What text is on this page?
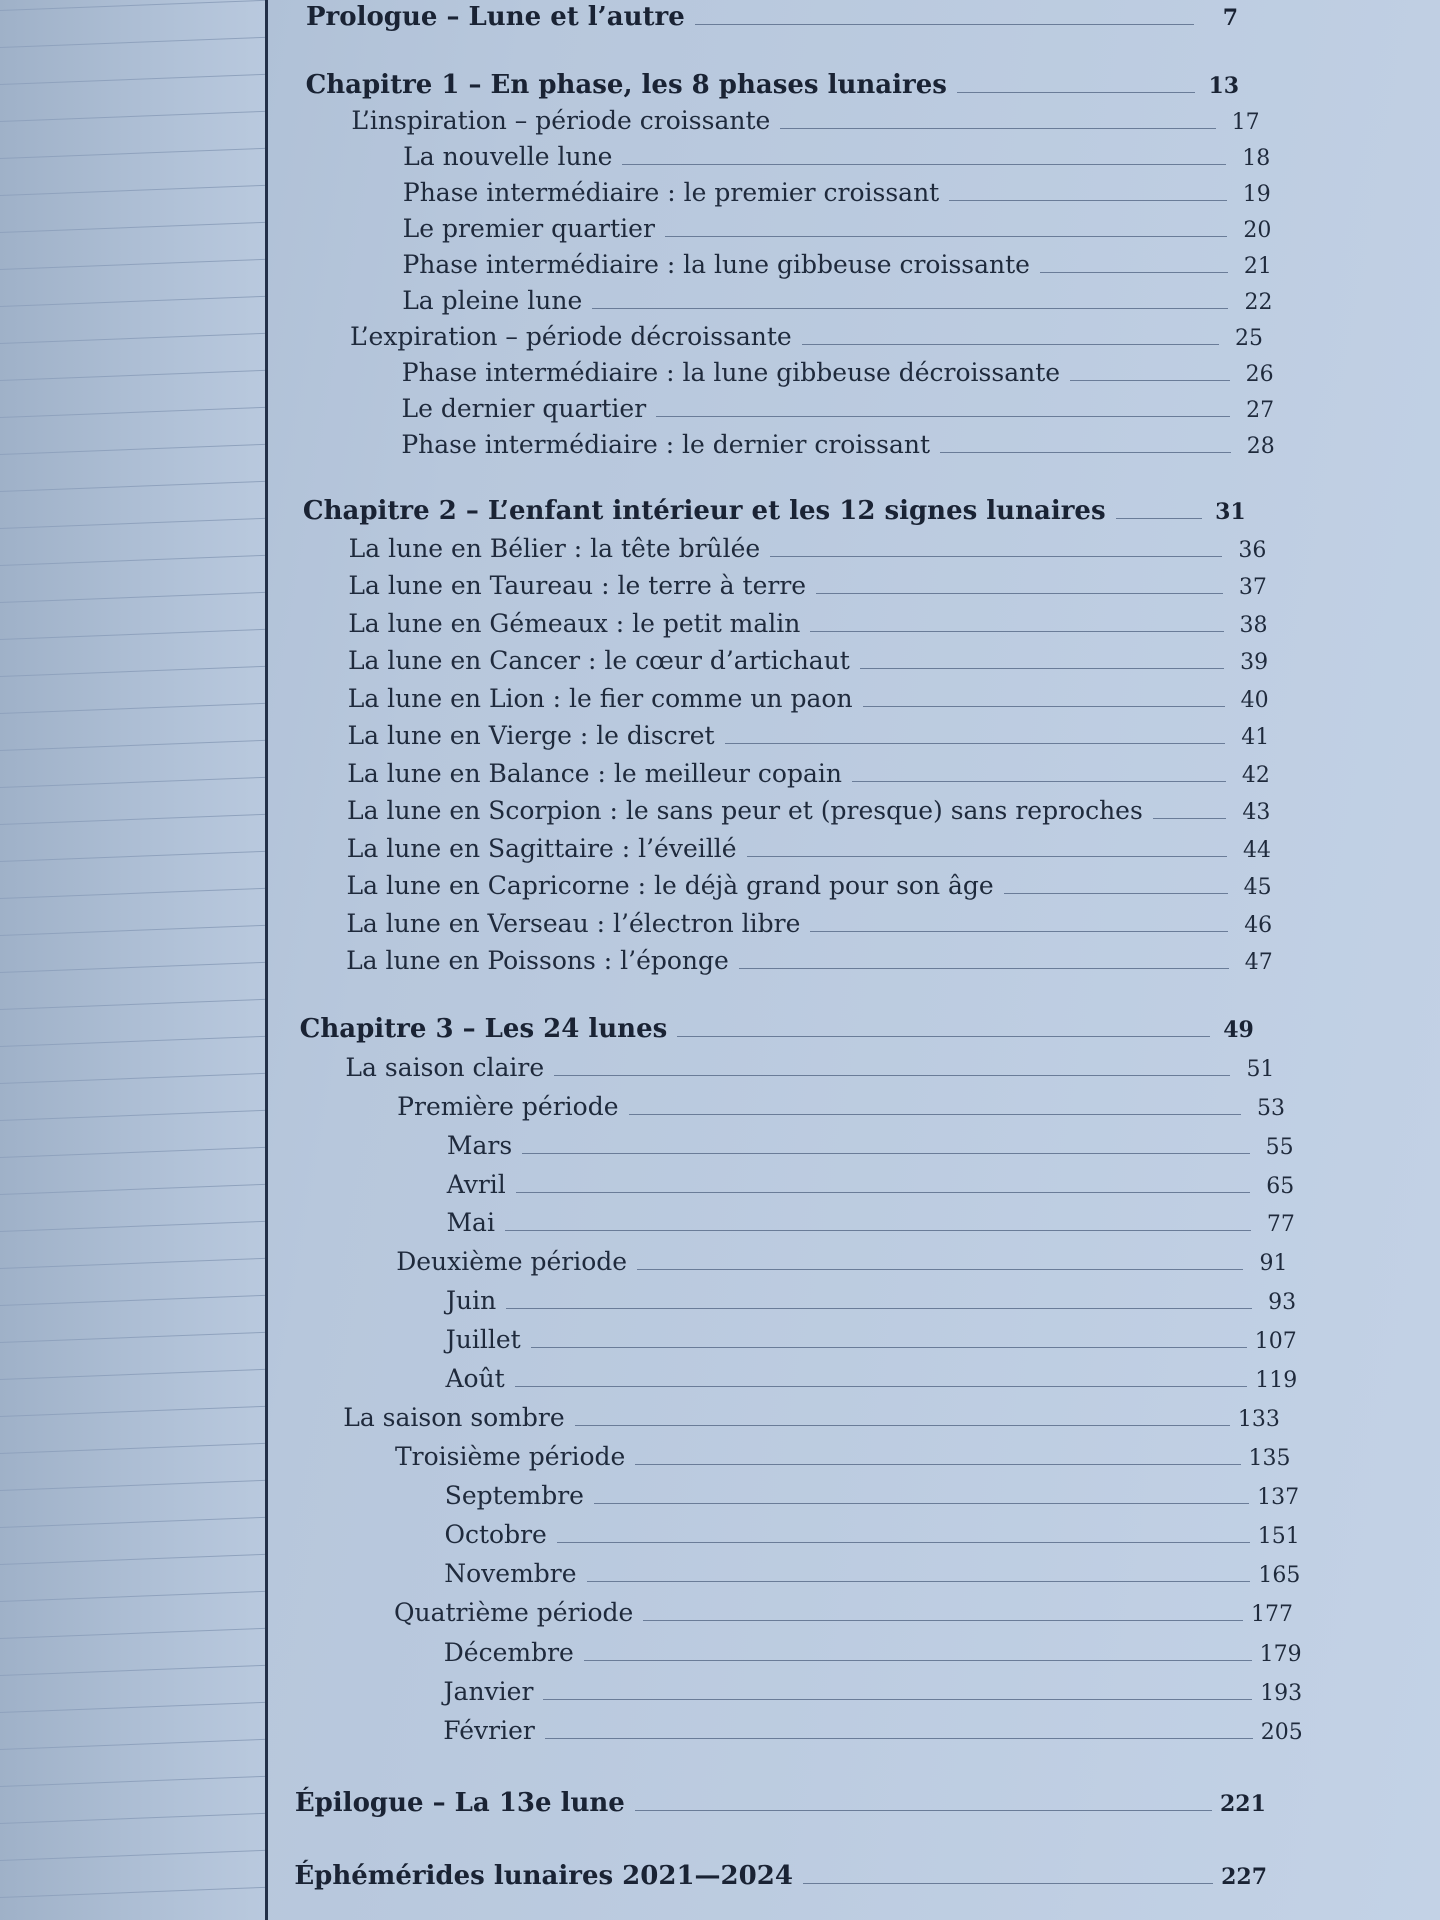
Prologue – Lune et l’autre	7
Chapitre 1 – En phase, les 8 phases lunaires	13
L’inspiration – période croissante	17
La nouvelle lune	18
Phase intermédiaire : le premier croissant	19
Le premier quartier	20
Phase intermédiaire : la lune gibbeuse croissante	21
La pleine lune	22
L’expiration – période décroissante	25
Phase intermédiaire : la lune gibbeuse décroissante	26
Le dernier quartier	27
Phase intermédiaire : le dernier croissant	28
Chapitre 2 – L’enfant intérieur et les 12 signes lunaires	31
La lune en Bélier : la tête brûlée	36
La lune en Taureau : le terre à terre	37
La lune en Gémeaux : le petit malin	38
La lune en Cancer : le cœur d’artichaut	39
La lune en Lion : le fier comme un paon	40
La lune en Vierge : le discret	41
La lune en Balance : le meilleur copain	42
La lune en Scorpion : le sans peur et (presque) sans reproches	43
La lune en Sagittaire : l’éveillé	44
La lune en Capricorne : le déjà grand pour son âge	45
La lune en Verseau : l’électron libre	46
La lune en Poissons : l’éponge	47
Chapitre 3 – Les 24 lunes	49
La saison claire	51
Première période	53
Mars	55
Avril	65
Mai	77
Deuxième période	91
Juin	93
Juillet	107
Août	119
La saison sombre	133
Troisième période	135
Septembre	137
Octobre	151
Novembre	165
Quatrième période	177
Décembre	179
Janvier	193
Février	205
Épilogue – La 13e lune	221
Éphémérides lunaires 2021—2024	227
